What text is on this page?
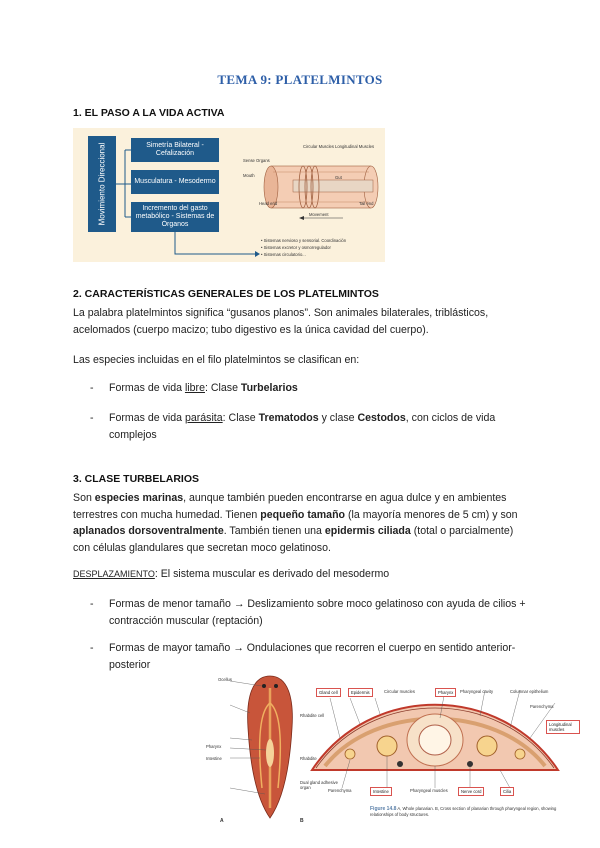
TEMA 9: PLATELMINTOS
1. EL PASO A LA VIDA ACTIVA
Movimiento Direccional	Simetría Bilateral - Cefalización
Musculatura - Mesodermo
Incremento del gasto metabólico - Sistemas de Órganos
Circular Muscles Longitudinal Muscles
Sense Organs
Mouth	Gut
Head end
Movement
Tail end
• Sistemas nervioso y sensorial. Coordinación
• Sistemas excretor y osmorregulador
• Sistemas circulatorio...
2. CARACTERÍSTICAS GENERALES DE LOS PLATELMINTOS
La palabra platelmintos significa “gusanos planos”. Son animales bilaterales, triblásticos, acelomados (cuerpo macizo; tubo digestivo es la única cavidad del cuerpo).
Las especies incluidas en el filo platelmintos se clasifican en:
- Formas de vida libre: Clase Turbelarios
- Formas de vida parásita: Clase Trematodos y clase Cestodos, con ciclos de vida complejos
3. CLASE TURBELARIOS
Son especies marinas, aunque también pueden encontrarse en agua dulce y en ambientes terrestres con mucha humedad. Tienen pequeño tamaño (la mayoría menores de 5 cm) y son aplanados dorsoventralmente. También tienen una epidermis ciliada (total o parcialmente) con células glandulares que secretan moco gelatinoso.
DESPLAZAMIENTO: El sistema muscular es derivado del mesodermo
- Formas de menor tamaño → Deslizamiento sobre moco gelatinoso con ayuda de cilios + contracción muscular (reptación)
- Formas de mayor tamaño → Ondulaciones que recorren el cuerpo en sentido anterior-posterior
Ocellus
Rhabdite cell
Pharynx
Intestine	Rhabdite
Dual gland adhesive organ
Gland cell	Epidermis	Circular muscles	Pharynx	Pharyngeal cavity	Columnar epithelium
Parenchyma
Longitudinal muscles
Parenchyma	Intestine	Pharyngeal muscles	Nerve cord	Cilia
A	B
Figure 14.8 A, Whole planarian. B, Cross section of planarian through pharyngeal region, showing relationships of body structures.
